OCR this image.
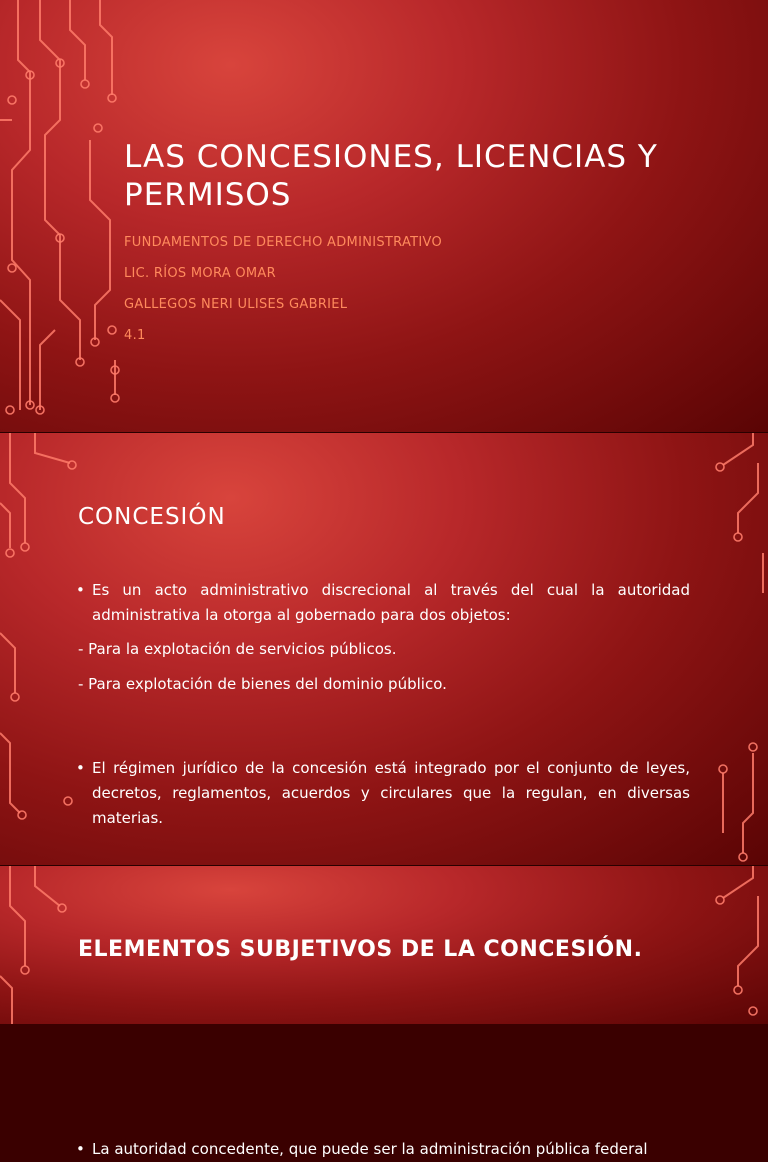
LAS CONCESIONES, LICENCIAS Y PERMISOS
FUNDAMENTOS DE DERECHO ADMINISTRATIVO
LIC. RÍOS MORA OMAR
GALLEGOS NERI ULISES GABRIEL
4.1
CONCESIÓN
• Es un acto administrativo discrecional al través del cual la autoridad administrativa la otorga al gobernado para dos objetos:
- Para la explotación de servicios públicos.
- Para explotación de bienes del dominio público.
• El régimen jurídico de la concesión está integrado por el conjunto de leyes, decretos, reglamentos, acuerdos y circulares que la regulan, en diversas materias.
ELEMENTOS SUBJETIVOS DE LA CONCESIÓN.
• La autoridad concedente, que puede ser la administración pública federal
